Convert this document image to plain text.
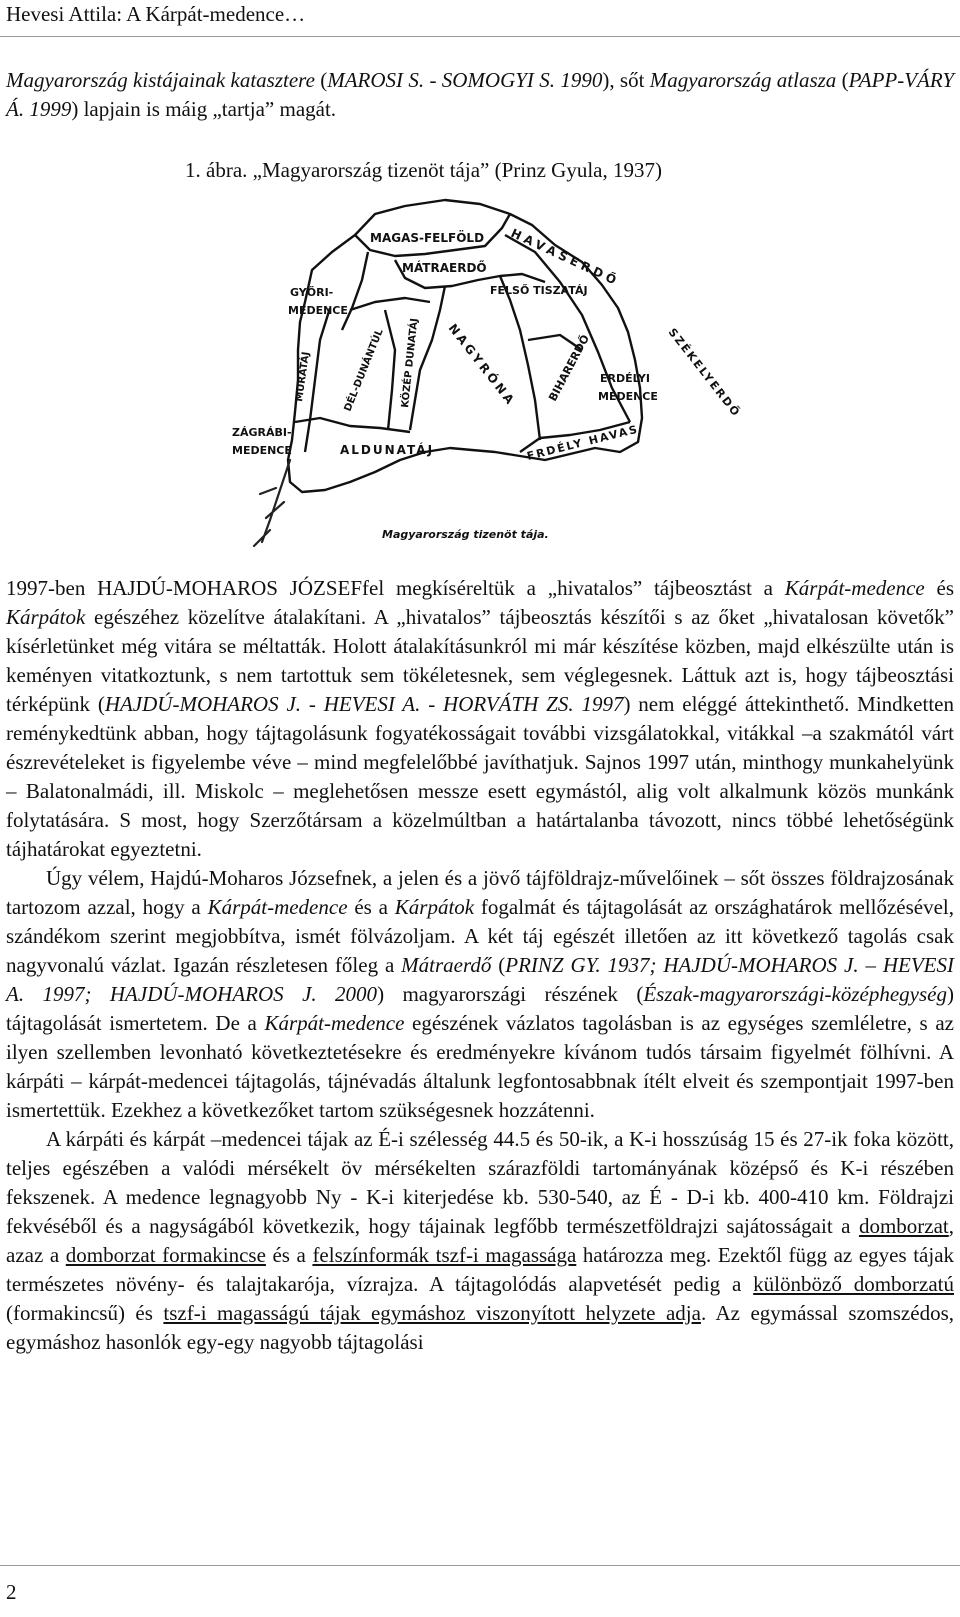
Hevesi Attila: A Kárpát-medence…
Magyarország kistájainak katasztere (MAROSI S. - SOMOGYI S. 1990), sőt Magyarország atlasza (PAPP-VÁRY Á. 1999) lapjain is máig „tartja” magát.
1. ábra. „Magyarország tizenöt tája” (Prinz Gyula, 1937)
MAGAS-FELFÖLD HAVASERDŐ
MÁTRAERDŐ
GYŐRI-
MEDENCE
FELSŐ TISZATÁJ
MURATÁJ	DÉL-DUNÁNTÚL KÖZÉP DUNATÁJ NAGYRÓNA	BIHARERDŐ ERDÉLYI
MEDENCE SZÉKELYERDŐ
ZÁGRÁBI-
MEDENCE	ALDUNATÁJ	ERDÉLY HAVAS
Magyarország tizenöt tája.

1997-ben HAJDÚ-MOHAROS JÓZSEFfel megkíséreltük a „hivatalos” tájbeosztást a Kárpát-medence és Kárpátok egészéhez közelítve átalakítani. A „hivatalos” tájbeosztás készítői s az őket „hivatalosan követők” kísérletünket még vitára se méltatták. Holott átalakításunkról mi már készítése közben, majd elkészülte után is keményen vitatkoztunk, s nem tartottuk sem tökéletesnek, sem véglegesnek. Láttuk azt is, hogy tájbeosztási térképünk (HAJDÚ-MOHAROS J. - HEVESI A. - HORVÁTH ZS. 1997) nem eléggé áttekinthető. Mindketten reménykedtünk abban, hogy tájtagolásunk fogyatékosságait további vizsgálatokkal, vitákkal –a szakmától várt észrevételeket is figyelembe véve – mind megfelelőbbé javíthatjuk. Sajnos 1997 után, minthogy munkahelyünk – Balatonalmádi, ill. Miskolc – meglehetősen messze esett egymástól, alig volt alkalmunk közös munkánk folytatására. S most, hogy Szerzőtársam a közelmúltban a határtalanba távozott, nincs többé lehetőségünk tájhatárokat egyeztetni.

Úgy vélem, Hajdú-Moharos Józsefnek, a jelen és a jövő tájföldrajz-művelőinek – sőt összes földrajzosának tartozom azzal, hogy a Kárpát-medence és a Kárpátok fogalmát és tájtagolását az országhatárok mellőzésével, szándékom szerint megjobbítva, ismét fölvázoljam. A két táj egészét illetően az itt következő tagolás csak nagyvonalú vázlat. Igazán részletesen főleg a Mátraerdő (PRINZ GY. 1937; HAJDÚ-MOHAROS J. – HEVESI A. 1997; HAJDÚ-MOHAROS J. 2000) magyarországi részének (Észak-magyarországi-középhegység) tájtagolását ismertetem. De a Kárpát-medence egészének vázlatos tagolásban is az egységes szemléletre, s az ilyen szellemben levonható következtetésekre és eredményekre kívánom tudós társaim figyelmét fölhívni. A kárpáti – kárpát-medencei tájtagolás, tájnévadás általunk legfontosabbnak ítélt elveit és szempontjait 1997-ben ismertettük. Ezekhez a következőket tartom szükségesnek hozzátenni.

A kárpáti és kárpát –medencei tájak az É-i szélesség 44.5 és 50-ik, a K-i hosszúság 15 és 27-ik foka között, teljes egészében a valódi mérsékelt öv mérsékelten szárazföldi tartományának középső és K-i részében fekszenek. A medence legnagyobb Ny - K-i kiterjedése kb. 530-540, az É - D-i kb. 400-410 km. Földrajzi fekvéséből és a nagyságából következik, hogy tájainak legfőbb természetföldrajzi sajátosságait a domborzat, azaz a domborzat formakincse és a felszínformák tszf-i magassága határozza meg. Ezektől függ az egyes tájak természetes növény- és talajtakarója, vízrajza. A tájtagolódás alapvetését pedig a különböző domborzatú (formakincsű) és tszf-i magasságú tájak egymáshoz viszonyított helyzete adja. Az egymással szomszédos, egymáshoz hasonlók egy-egy nagyobb tájtagolási

2
